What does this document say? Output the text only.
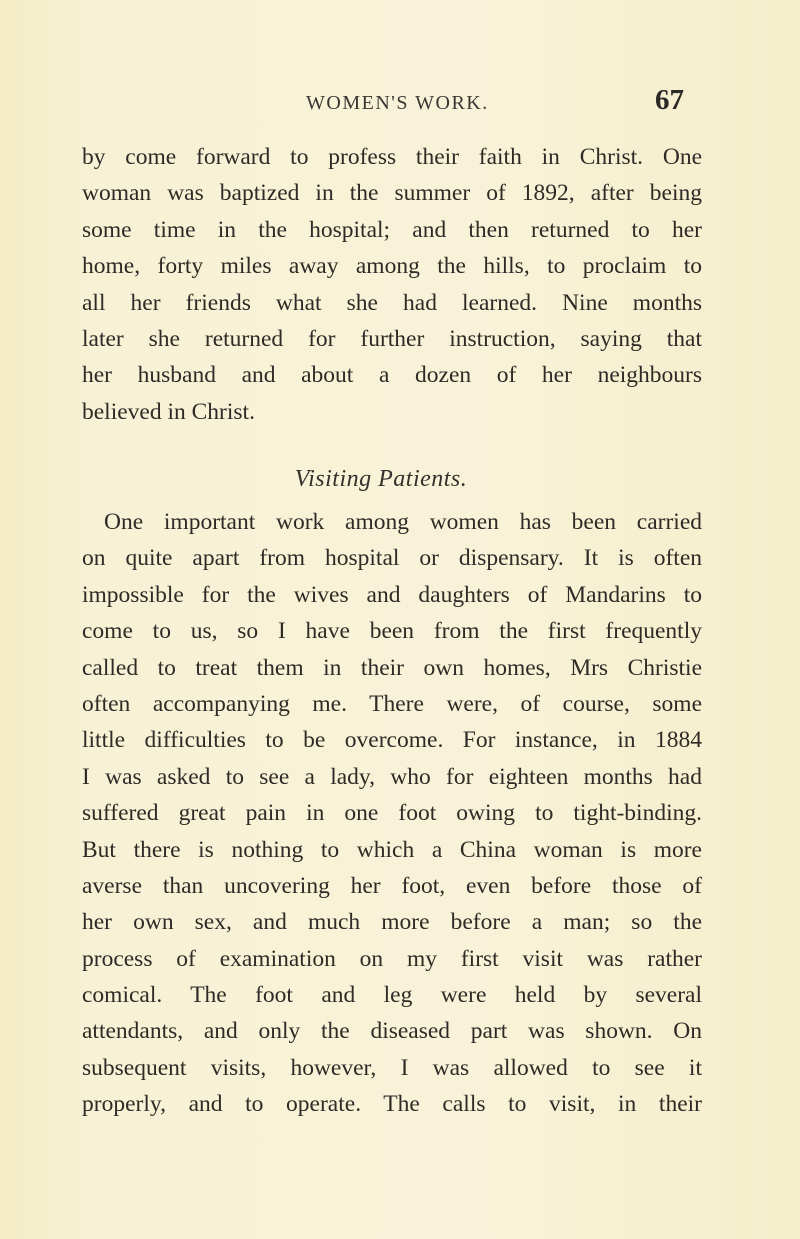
WOMEN'S WORK.	67
by come forward to profess their faith in Christ. One
woman was baptized in the summer of 1892, after being
some time in the hospital; and then returned to her
home, forty miles away among the hills, to proclaim to
all her friends what she had learned. Nine months
later she returned for further instruction, saying that
her husband and about a dozen of her neighbours
believed in Christ.
Visiting Patients.
One important work among women has been carried
on quite apart from hospital or dispensary. It is often
impossible for the wives and daughters of Mandarins to
come to us, so I have been from the first frequently
called to treat them in their own homes, Mrs Christie
often accompanying me. There were, of course, some
little difficulties to be overcome. For instance, in 1884
I was asked to see a lady, who for eighteen months had
suffered great pain in one foot owing to tight-binding.
But there is nothing to which a China woman is more
averse than uncovering her foot, even before those of
her own sex, and much more before a man; so the
process of examination on my first visit was rather
comical. The foot and leg were held by several
attendants, and only the diseased part was shown. On
subsequent visits, however, I was allowed to see it
properly, and to operate. The calls to visit, in their
